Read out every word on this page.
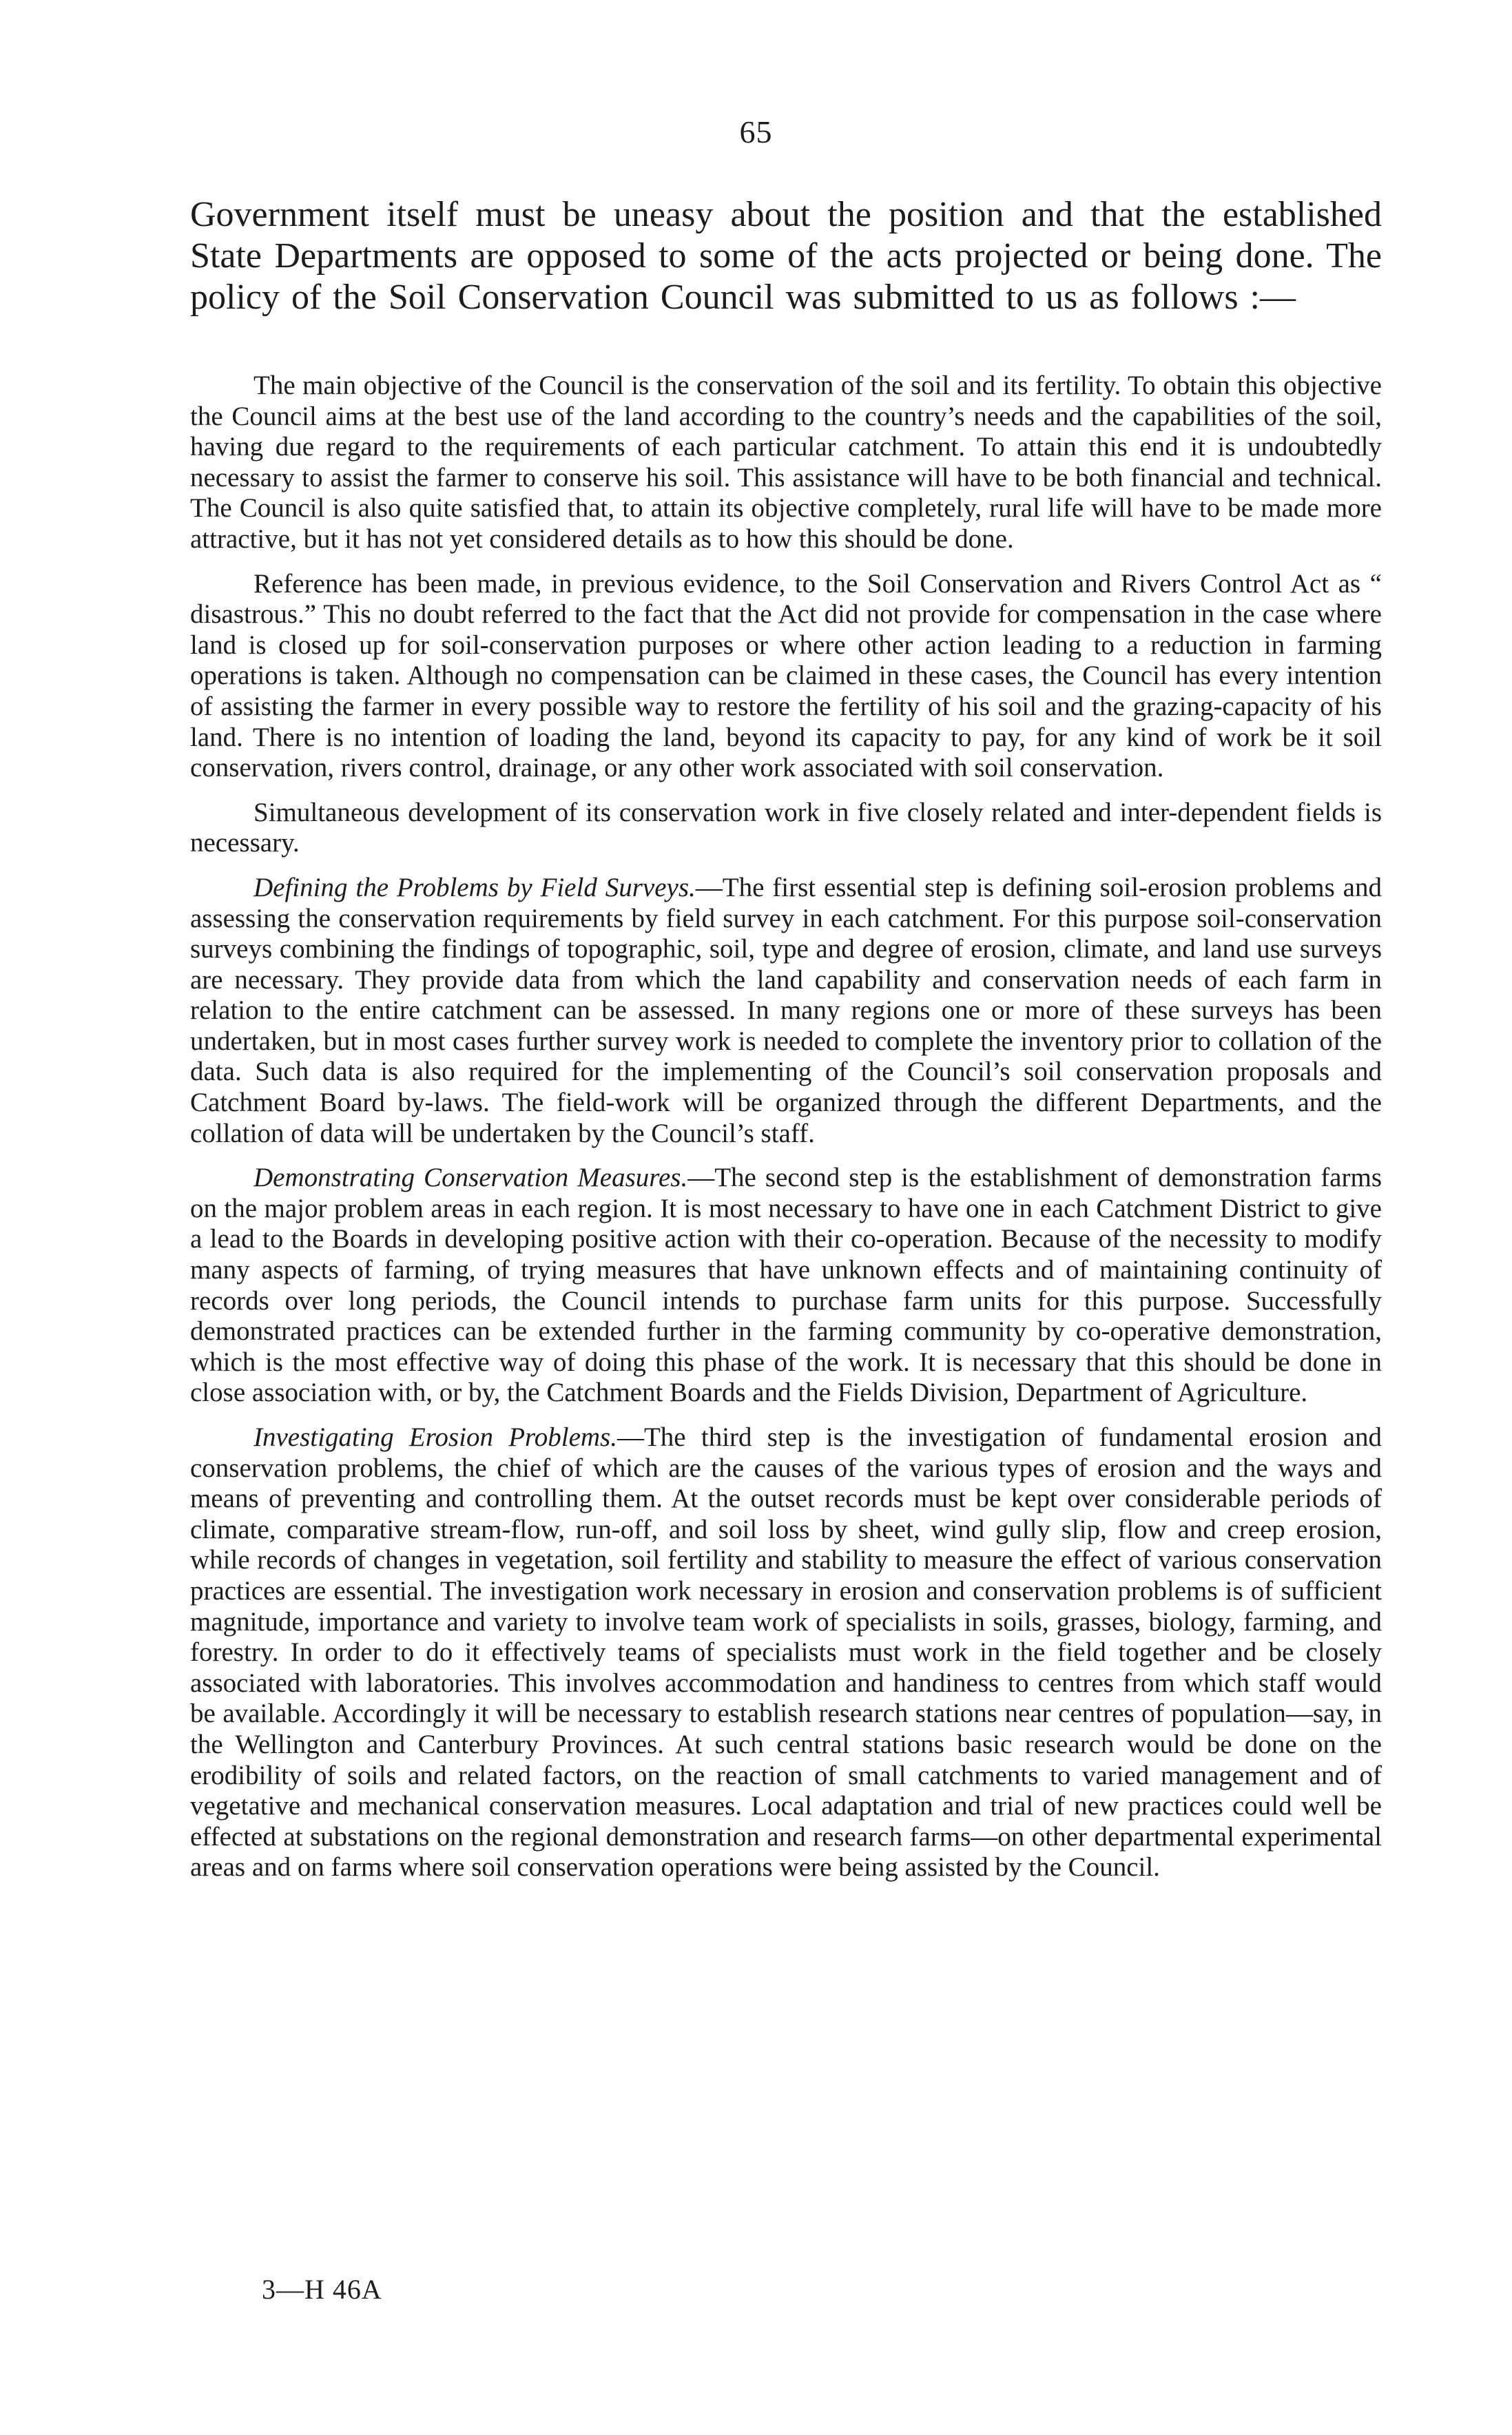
65

Government itself must be uneasy about the position and that the established State Departments are opposed to some of the acts projected or being done. The policy of the Soil Conservation Council was submitted to us as follows :—

The main objective of the Council is the conservation of the soil and its fertility. To obtain this objective the Council aims at the best use of the land according to the country’s needs and the capabilities of the soil, having due regard to the requirements of each particular catchment. To attain this end it is undoubtedly necessary to assist the farmer to conserve his soil. This assistance will have to be both financial and technical. The Council is also quite satisfied that, to attain its objective completely, rural life will have to be made more attractive, but it has not yet considered details as to how this should be done.

Reference has been made, in previous evidence, to the Soil Conservation and Rivers Control Act as “ disastrous.” This no doubt referred to the fact that the Act did not provide for compensation in the case where land is closed up for soil-conservation purposes or where other action leading to a reduction in farming operations is taken. Although no compensation can be claimed in these cases, the Council has every intention of assisting the farmer in every possible way to restore the fertility of his soil and the grazing-capacity of his land. There is no intention of loading the land, beyond its capacity to pay, for any kind of work be it soil conservation, rivers control, drainage, or any other work associated with soil conservation.

Simultaneous development of its conservation work in five closely related and inter-dependent fields is necessary.

Defining the Problems by Field Surveys.—The first essential step is defining soil-erosion problems and assessing the conservation requirements by field survey in each catchment. For this purpose soil-conservation surveys combining the findings of topographic, soil, type and degree of erosion, climate, and land use surveys are necessary. They provide data from which the land capability and conservation needs of each farm in relation to the entire catchment can be assessed. In many regions one or more of these surveys has been undertaken, but in most cases further survey work is needed to complete the inventory prior to collation of the data. Such data is also required for the implementing of the Council’s soil conservation proposals and Catchment Board by-laws. The field-work will be organized through the different Departments, and the collation of data will be undertaken by the Council’s staff.

Demonstrating Conservation Measures.—The second step is the establishment of demonstration farms on the major problem areas in each region. It is most necessary to have one in each Catchment District to give a lead to the Boards in developing positive action with their co-operation. Because of the necessity to modify many aspects of farming, of trying measures that have unknown effects and of maintaining continuity of records over long periods, the Council intends to purchase farm units for this purpose. Successfully demonstrated practices can be extended further in the farming community by co-operative demonstration, which is the most effective way of doing this phase of the work. It is necessary that this should be done in close association with, or by, the Catchment Boards and the Fields Division, Department of Agriculture.

Investigating Erosion Problems.—The third step is the investigation of fundamental erosion and conservation problems, the chief of which are the causes of the various types of erosion and the ways and means of preventing and controlling them. At the outset records must be kept over considerable periods of climate, comparative stream-flow, run-off, and soil loss by sheet, wind gully slip, flow and creep erosion, while records of changes in vegetation, soil fertility and stability to measure the effect of various conservation practices are essential. The investigation work necessary in erosion and conservation problems is of sufficient magnitude, importance and variety to involve team work of specialists in soils, grasses, biology, farming, and forestry. In order to do it effectively teams of specialists must work in the field together and be closely associated with laboratories. This involves accommodation and handiness to centres from which staff would be available. Accordingly it will be necessary to establish research stations near centres of population—say, in the Wellington and Canterbury Provinces. At such central stations basic research would be done on the erodibility of soils and related factors, on the reaction of small catchments to varied management and of vegetative and mechanical conservation measures. Local adaptation and trial of new practices could well be effected at substations on the regional demonstration and research farms—on other departmental experimental areas and on farms where soil conservation operations were being assisted by the Council.

3—H 46A
